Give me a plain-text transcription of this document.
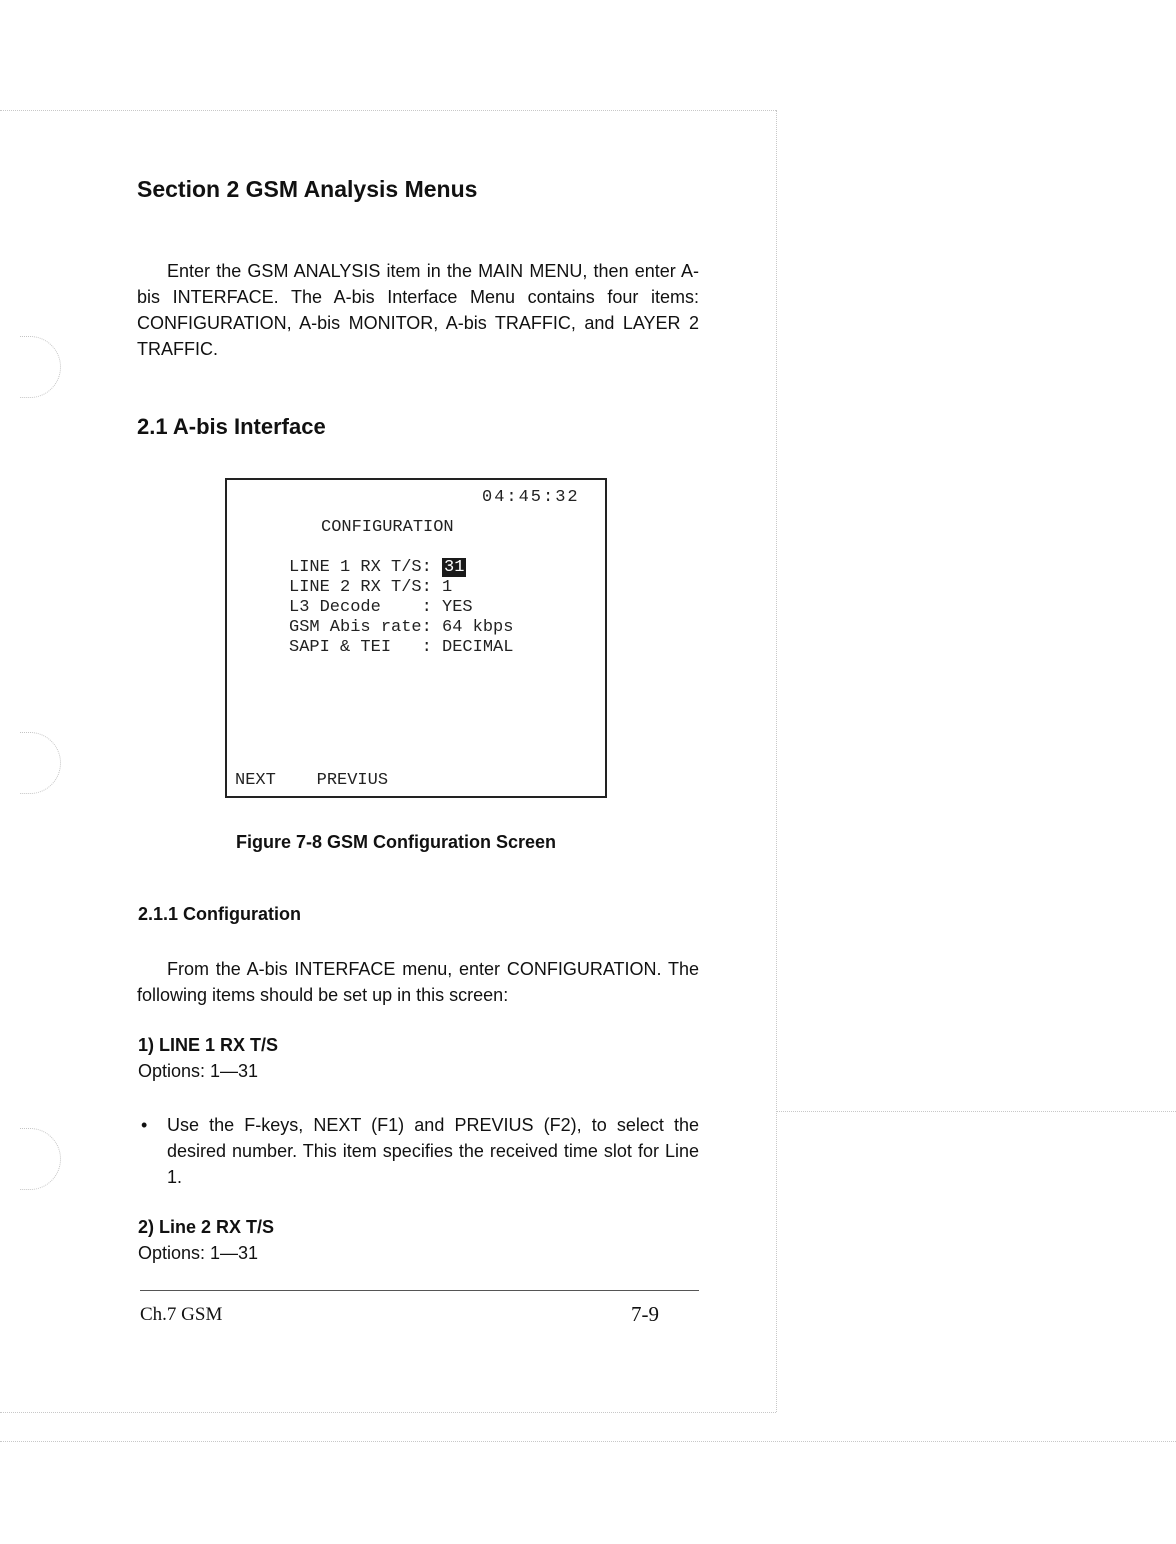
Section 2 GSM Analysis Menus

Enter the GSM ANALYSIS item in the MAIN MENU, then enter A-bis INTERFACE. The A-bis Interface Menu contains four items: CONFIGURATION, A-bis MONITOR, A-bis TRAFFIC, and LAYER 2 TRAFFIC.

2.1 A-bis Interface
04:45:32
CONFIGURATION
LINE 1 RX T/S: 31
LINE 2 RX T/S: 1
L3 Decode    : YES
GSM Abis rate: 64 kbps
SAPI & TEI   : DECIMAL
NEXT PREVIUS

Figure 7-8 GSM Configuration Screen

2.1.1 Configuration

From the A-bis INTERFACE menu, enter CONFIGURATION. The following items should be set up in this screen:

1) LINE 1 RX T/S

Options: 1—31

•	Use the F-keys, NEXT (F1) and PREVIUS (F2), to select the desired number. This item specifies the received time slot for Line 1.

2) Line 2 RX T/S

Options: 1—31

Ch.7 GSM	7-9
